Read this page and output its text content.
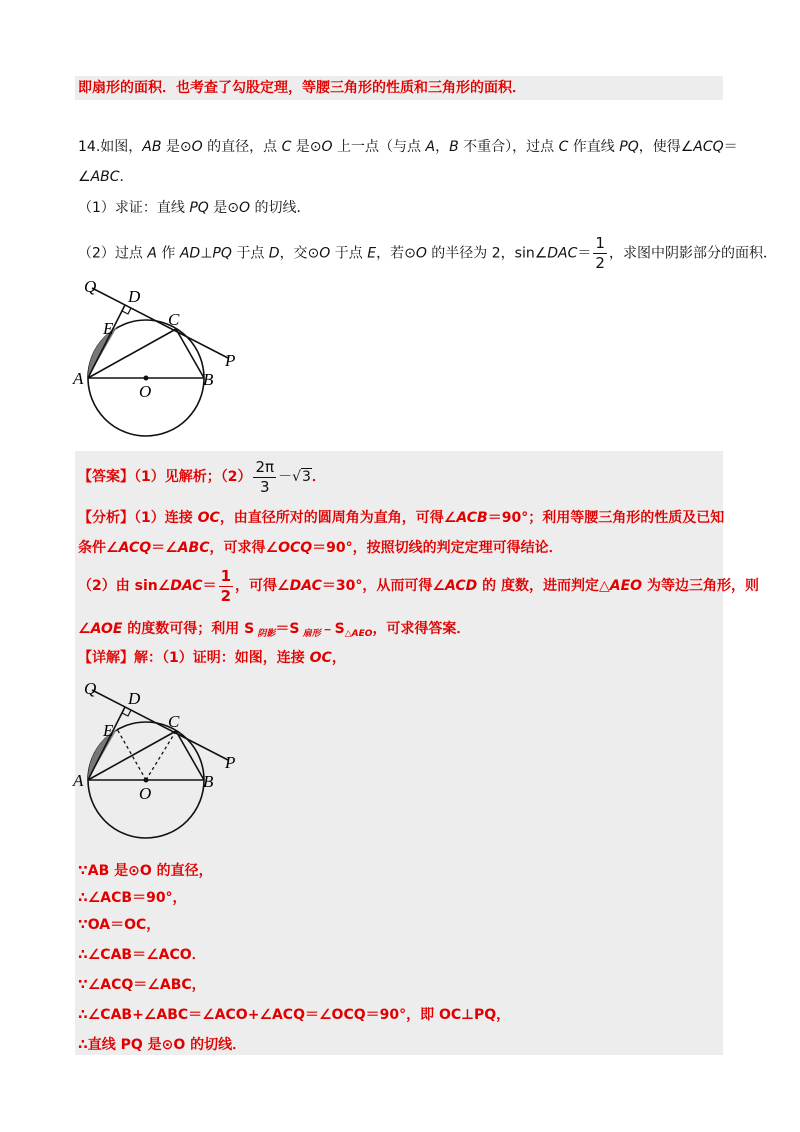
即扇形的面积．也考查了勾股定理，等腰三角形的性质和三角形的面积．
14.如图，AB 是⊙O 的直径，点 C 是⊙O 上一点（与点 A，B 不重合），过点 C 作直线 PQ，使得∠ACQ＝
∠ABC．
（1）求证：直线 PQ 是⊙O 的切线．
（2）过点 A 作 AD⊥PQ 于点 D，交⊙O 于点 E，若⊙O 的半径为 2，sin∠DAC＝ $\frac{1}{2}$ ，求图中阴影部分的面积．
Q
D
E	C
P
A
O
B
【答案】（1）见解析；$(2) \frac{2\pi}{3} -√3$．
【分析】（1）连接 OC，由直径所对的圆周角为直角，可得∠ACB＝90°；利用等腰三角形的性质及已知
条件∠ACQ＝∠ABC，可求得∠OCQ＝90°，按照切线的判定定理可得结论．
（2）由 sin∠DAC＝ $\frac{1}{2}$ ，可得∠DAC＝30°，从而可得∠ACD 的 度数，进而判定△AEO 为等边三角形，则
∠AOE 的度数可得；利用 S $_{阴影}$＝S $_{扇形}﹣S_{\triangle AEO}$，可求得答案．
【详解】解：（1）证明：如图，连接 OC，
Q
D
E	C
P
A
O
B
∵AB 是⊙O 的直径，
∴∠ACB＝90°，
∵OA＝OC，
∴∠CAB＝∠ACO．
∵∠ACQ＝∠ABC，
∴∠CAB+∠ABC＝∠ACO+∠ACQ＝∠OCQ＝90°，即 OC⊥PQ，
∴直线 PQ 是⊙O 的切线．
